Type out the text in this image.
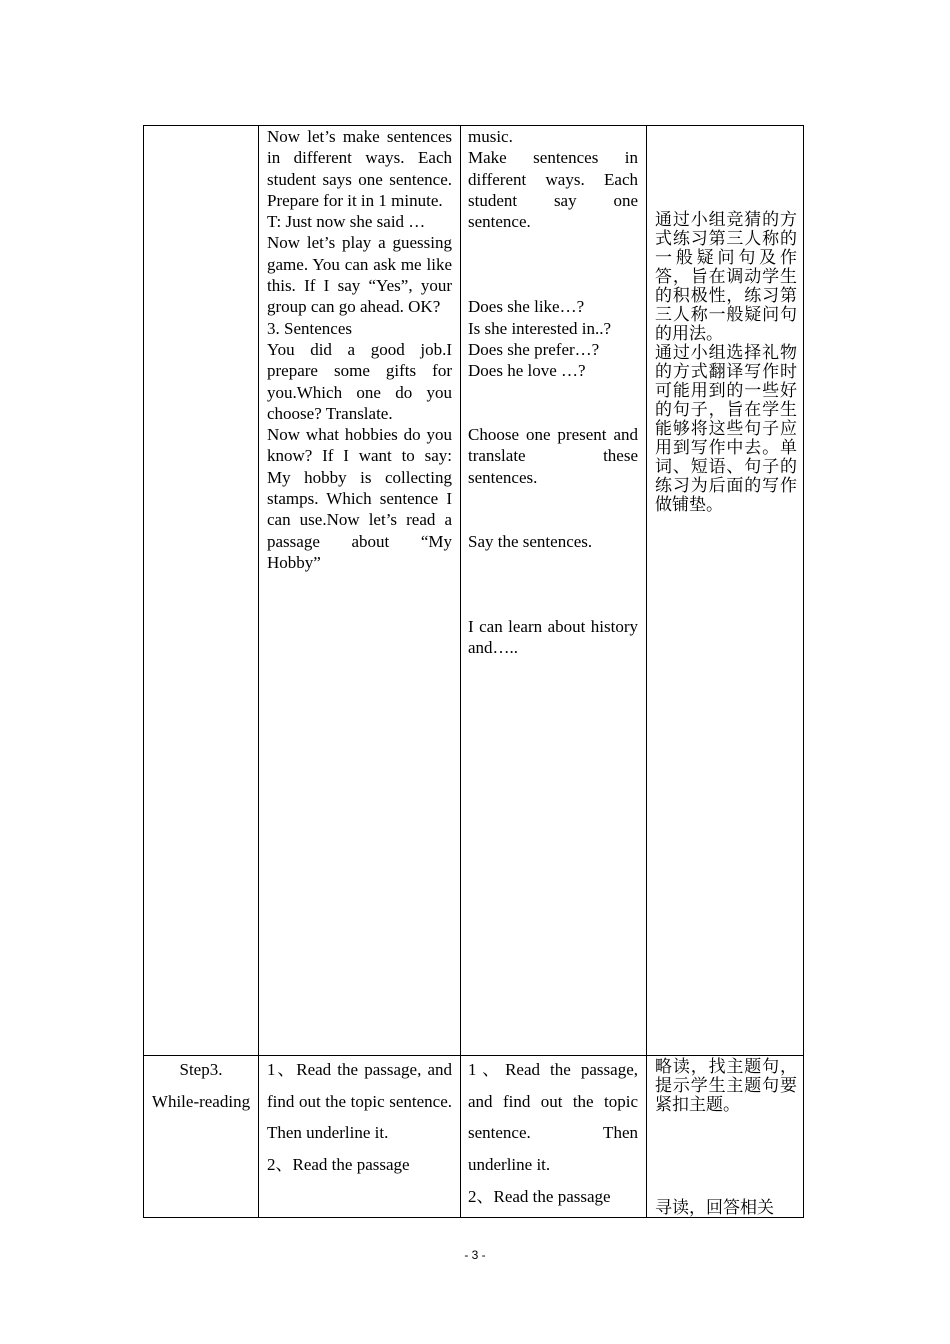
Now let’s make sentences in different ways. Each student says one sentence. Prepare for it in 1 minute.

T: Just now she said …

Now let’s play a guessing game. You can ask me like this. If I say “Yes”, your group can go ahead. OK?

3. Sentences

You did a good job.I prepare some gifts for you.Which one do you choose? Translate.

Now what hobbies do you know? If I want to say: My hobby is collecting stamps. Which sentence I can use.Now let’s read a passage about “My Hobby”

music.

Make sentences in different ways. Each student say one sentence.

Does she like…?

Is she interested in..?

Does she prefer…?

Does he love …?

Choose one present and translate these sentences.

Say the sentences.

I can learn about history and…..

通过小组竞猜的方式练习第三人称的一般疑问句及作答，旨在调动学生的积极性，练习第三人称一般疑问句的用法。

通过小组选择礼物的方式翻译写作时可能用到的一些好的句子，旨在学生能够将这些句子应用到写作中去。单词、短语、句子的练习为后面的写作做铺垫。

Step3.

While-reading

1、Read the passage, and find out the topic sentence. Then underline it.

2、Read the passage

1、Read the passage, and find out the topic sentence. Then underline it.

2、Read the passage

略读，找主题句，提示学生主题句要紧扣主题。

寻读，回答相关

- 3 -
